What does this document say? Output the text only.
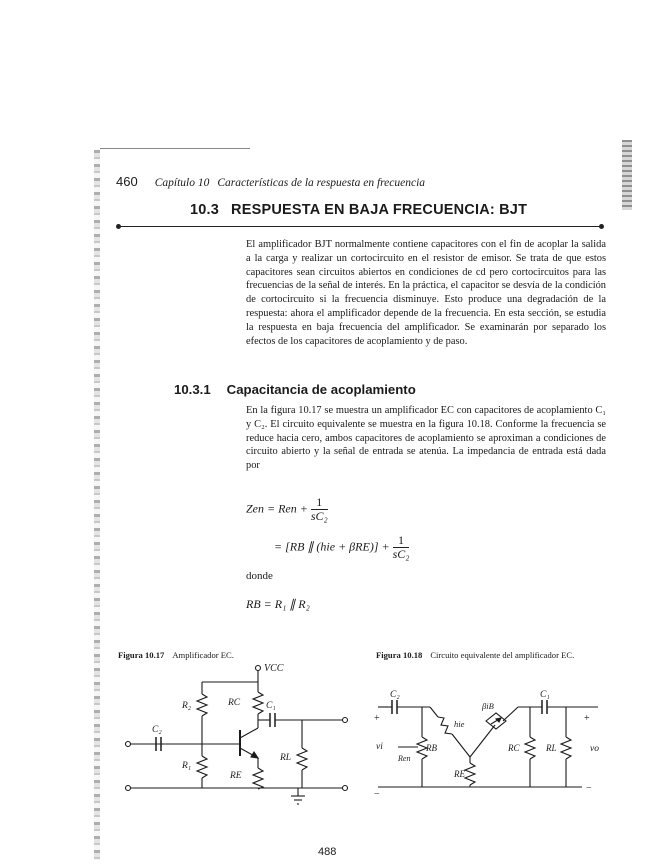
460 Capítulo 10 Características de la respuesta en frecuencia
10.3 RESPUESTA EN BAJA FRECUENCIA: BJT

El amplificador BJT normalmente contiene capacitores con el fin de acoplar la salida a la carga y realizar un cortocircuito en el resistor de emisor. Se trata de que estos capacitores sean circuitos abiertos en condiciones de cd pero cortocircuitos para las frecuencias de la señal de interés. En la práctica, el capacitor se desvía de la condición de cortocircuito si la frecuencia disminuye. Esto produce una degradación de la respuesta: ahora el amplificador depende de la frecuencia. En esta sección, se estudia la respuesta en baja frecuencia del amplificador. Se examinarán por separado los efectos de los capacitores de acoplamiento y de paso.

10.3.1 Capacitancia de acoplamiento

En la figura 10.17 se muestra un amplificador EC con capacitores de acoplamiento C₁ y C₂. El circuito equivalente se muestra en la figura 10.18. Conforme la frecuencia se reduce hacia cero, ambos capacitores de acoplamiento se aproximan a condiciones de circuito abierto y la señal de entrada se atenúa. La impedancia de entrada está dada por

Zen = Ren + $\frac{1}{\text{sC₂}}$
= [RB ∥ $(hie + \beta RE)] + \frac{1}{\text{sC₂}}$
donde
RB = R₁ ∥ R₂
Figura 10.17 Amplificador EC.	Figura 10.18 Circuito equivalente del amplificador EC.
VCC
R₂	RC
C₂
R₁
RE
C₁
RL
C₂
+	hie
RB
vi
Ren
βiB
RE
C₁
+
RC	RL	vo
−
−
488
